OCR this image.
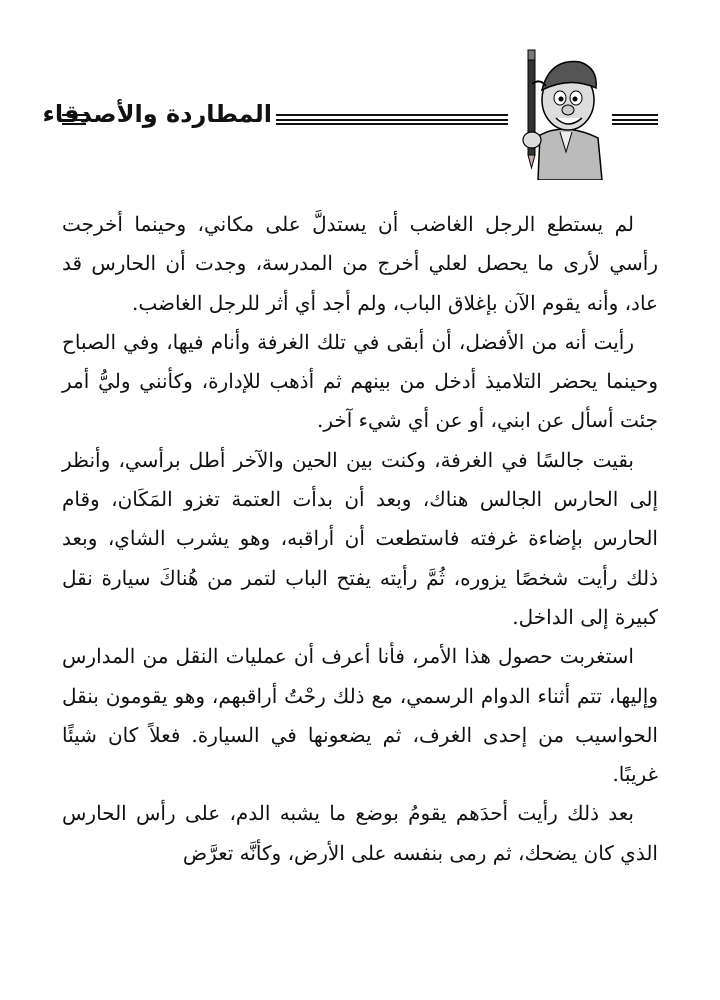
المطاردة والأصدقاء

لم يستطع الرجل الغاضب أن يستدلَّ على مكاني، وحينما أخرجت رأسي لأرى ما يحصل لعلي أخرج من المدرسة، وجدت أن الحارس قد عاد، وأنه يقوم الآن بإغلاق الباب، ولم أجد أي أثر للرجل الغاضب.

رأيت أنه من الأفضل، أن أبقى في تلك الغرفة وأنام فيها، وفي الصباح وحينما يحضر التلاميذ أدخل من بينهم ثم أذهب للإدارة، وكأنني وليُّ أمر جئت أسأل عن ابني، أو عن أي شيء آخر.

بقيت جالسًا في الغرفة، وكنت بين الحين والآخر أطل برأسي، وأنظر إلى الحارس الجالس هناك، وبعد أن بدأت العتمة تغزو المَكَان، وقام الحارس بإضاءة غرفته فاستطعت أن أراقبه، وهو يشرب الشاي، وبعد ذلك رأيت شخصًا يزوره، ثُمَّ رأيته يفتح الباب لتمر من هُناكَ سيارة نقل كبيرة إلى الداخل.

استغربت حصول هذا الأمر، فأنا أعرف أن عمليات النقل من المدارس وإليها، تتم أثناء الدوام الرسمي، مع ذلك رحْتُ أراقبهم، وهو يقومون بنقل الحواسيب من إحدى الغرف، ثم يضعونها في السيارة. فعلاً كان شيئًا غريبًا.

بعد ذلك رأيت أحدَهم يقومُ بوضع ما يشبه الدم، على رأس الحارس الذي كان يضحك، ثم رمى بنفسه على الأرض، وكأنَّه تعرَّض
